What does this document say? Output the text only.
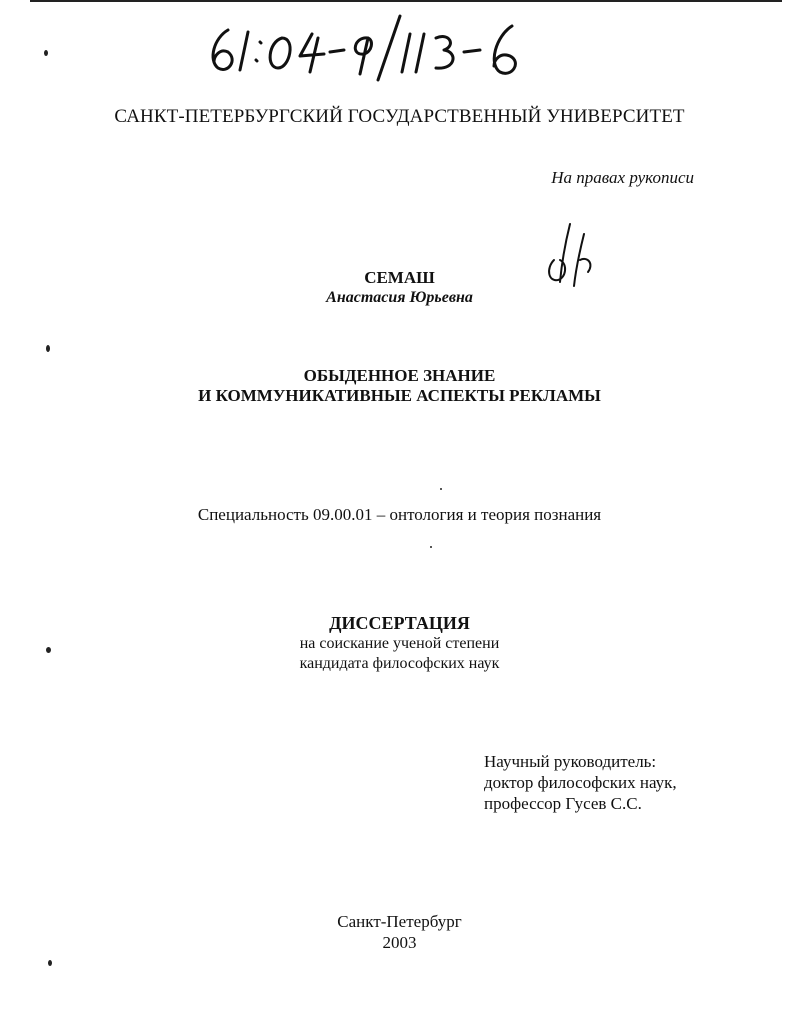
САНКТ-ПЕТЕРБУРГСКИЙ ГОСУДАРСТВЕННЫЙ УНИВЕРСИТЕТ
На правах рукописи
СЕМАШ
Анастасия Юрьевна
ОБЫДЕННОЕ ЗНАНИЕ
И КОММУНИКАТИВНЫЕ АСПЕКТЫ РЕКЛАМЫ
Специальность 09.00.01 – онтология и теория познания
ДИССЕРТАЦИЯ
на соискание ученой степени
кандидата философских наук
Научный руководитель:
доктор философских наук,
профессор Гусев С.С.
Санкт-Петербург
2003
